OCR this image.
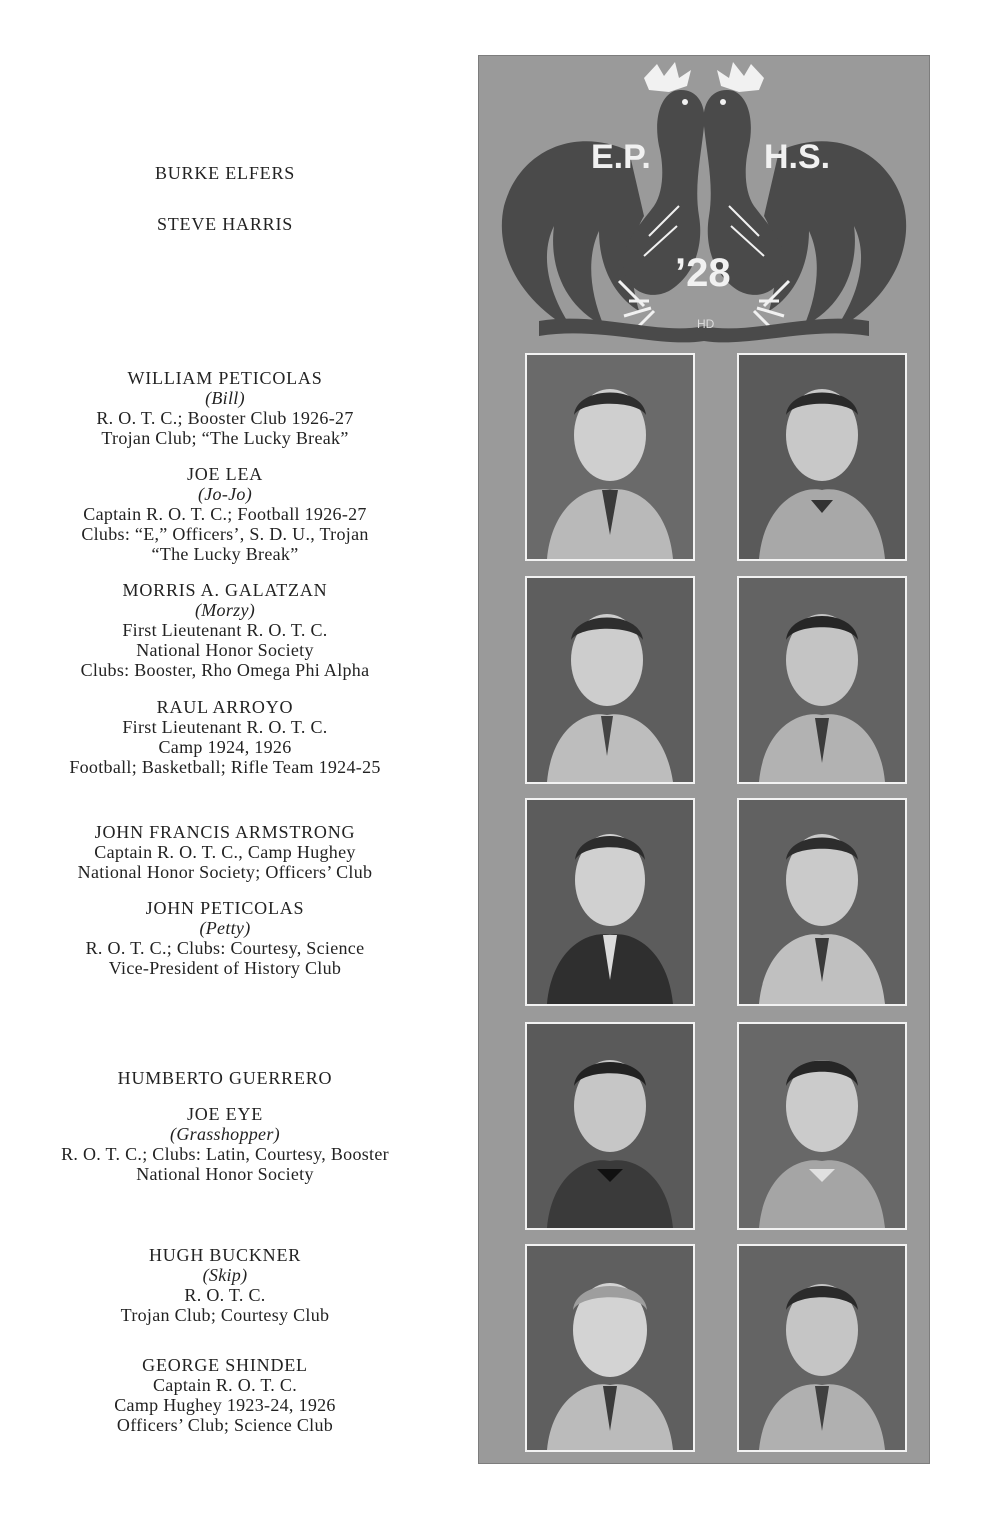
BURKE ELFERS
STEVE HARRIS
WILLIAM PETICOLAS
(Bill)
R. O. T. C.; Booster Club 1926-27
Trojan Club; “The Lucky Break”
JOE LEA
(Jo-Jo)
Captain R. O. T. C.; Football 1926-27
Clubs: “E,” Officers’, S. D. U., Trojan
“The Lucky Break”
MORRIS A. GALATZAN
(Morzy)
First Lieutenant R. O. T. C.
National Honor Society
Clubs: Booster, Rho Omega Phi Alpha
RAUL ARROYO
First Lieutenant R. O. T. C.
Camp 1924, 1926
Football; Basketball; Rifle Team 1924-25
JOHN FRANCIS ARMSTRONG
Captain R. O. T. C., Camp Hughey
National Honor Society; Officers’ Club
JOHN PETICOLAS
(Petty)
R. O. T. C.; Clubs: Courtesy, Science
Vice-President of History Club
HUMBERTO GUERRERO
JOE EYE
(Grasshopper)
R. O. T. C.; Clubs: Latin, Courtesy, Booster
National Honor Society
HUGH BUCKNER
(Skip)
R. O. T. C.
Trojan Club; Courtesy Club
GEORGE SHINDEL
Captain R. O. T. C.
Camp Hughey 1923-24, 1926
Officers’ Club; Science Club
E.P.	H.S.
’28
HD
